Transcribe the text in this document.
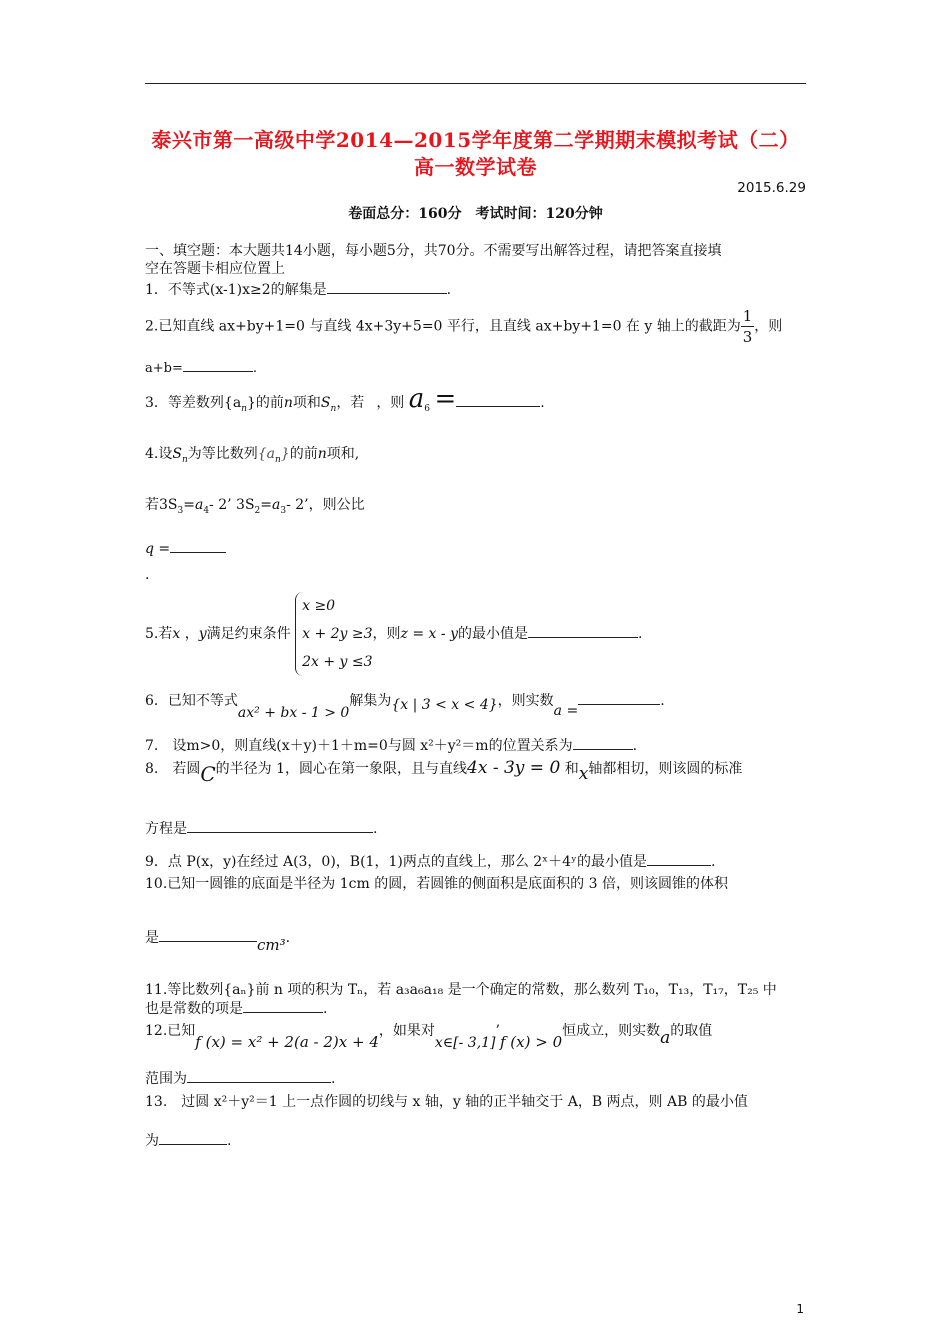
泰兴市第一高级中学2014—2015学年度第二学期期末模拟考试（二）
高一数学试卷
2015.6.29
卷面总分：160分　考试时间：120分钟
一、填空题：本大题共14小题，每小题5分，共70分。不需要写出解答过程，请把答案直接填
空在答题卡相应位置上
1．不等式(x-1)x≥2的解集是	.
2.已知直线 ax+by+1=0 与直线 4x+3y+5=0 平行，且直线 ax+by+1=0 在 y 轴上的截距为 $\frac{1}{3}$ ，则
a+b=	.
3．等差数列$\{a_n\}$的前n项和$S_n$，若 ，则 $a_6$ =	.
4.设$S_n$为等比数列$\{a_n\}$的前n项和,
若$3S_3=a_4-$ 2’ $3S_2=a_3-$ 2’，则公比
q =
.
5.若x ，y满足约束条件
x ≥0
x + 2y ≥3
2x + y ≤3
，则z = x - y的最小值是	.
6．已知不等式ax² + bx - 1 > 0解集为{x | 3 < x < 4}，则实数a =.
7.　设m>0，则直线(x＋y)＋1＋m=0与圆 x²＋y²＝m的位置关系为	.
8.　若圆C的半径为 1，圆心在第一象限，且与直线4x - 3y = 0 和x轴都相切，则该圆的标准
方程是	.
9．点 P(x，y)在经过 A(3，0)，B(1，1)两点的直线上，那么 2ˣ＋4ʸ的最小值是	.
10.已知一圆锥的底面是半径为 1cm 的圆，若圆锥的侧面积是底面积的 3 倍，则该圆锥的体积
是	cm³.
11.等比数列{aₙ}前 n 项的积为 Tₙ，若 a₃a₆a₁₈ 是一个确定的常数，那么数列 T₁₀，T₁₃，T₁₇，T₂₅ 中
也是常数的项是	.
12.已知f (x) = x² + 2(a - 2)x + 4，如果对x∈[- 3,1]’f (x) > 0恒成立，则实数a的取值
范围为	.
13.　过圆 x²＋y²＝1 上一点作圆的切线与 x 轴，y 轴的正半轴交于 A，B 两点，则 AB 的最小值
为	.
1
